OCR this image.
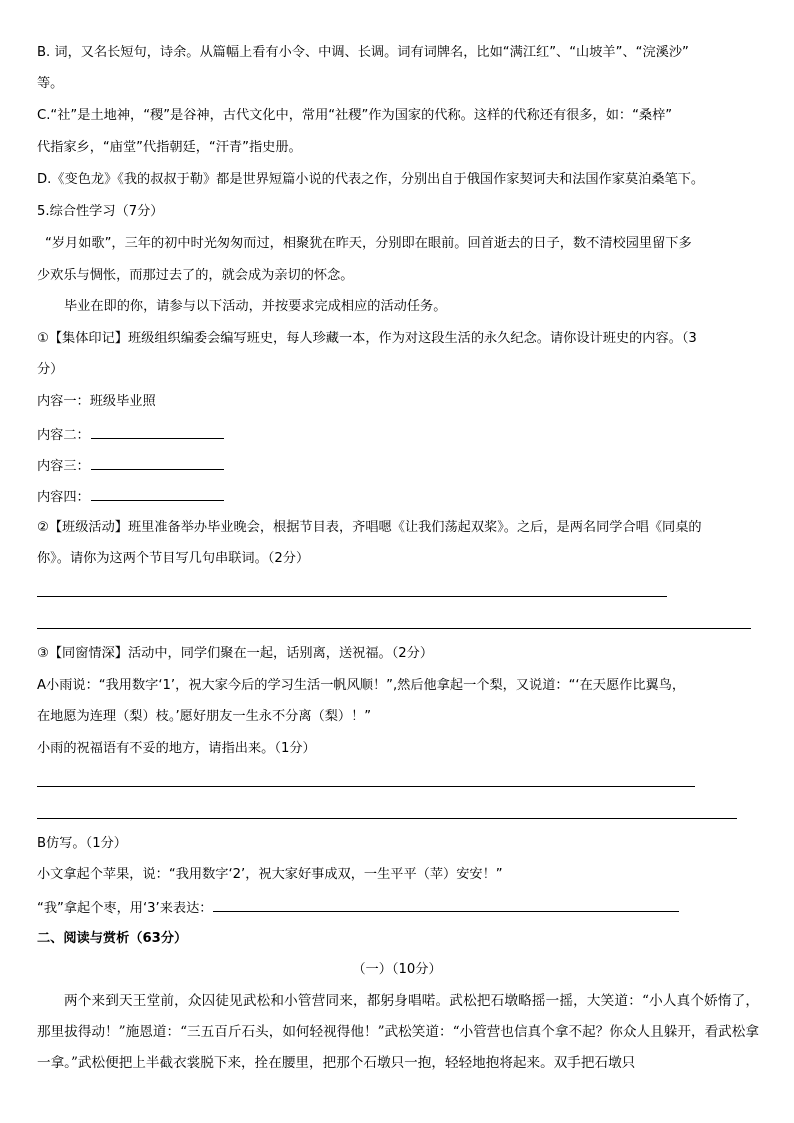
B. 词，又名长短句，诗余。从篇幅上看有小令、中调、长调。词有词牌名，比如“满江红”、“山坡羊”、“浣溪沙”
等。
C.“社”是土地神，“稷”是谷神，古代文化中，常用“社稷”作为国家的代称。这样的代称还有很多，如：“桑梓”
代指家乡，“庙堂”代指朝廷，“汗青”指史册。
D.《变色龙》《我的叔叔于勒》都是世界短篇小说的代表之作，分别出自于俄国作家契诃夫和法国作家莫泊桑笔下。
5.综合性学习（7分）
“岁月如歌”，三年的初中时光匆匆而过，相聚犹在昨天，分别即在眼前。回首逝去的日子，数不清校园里留下多
少欢乐与惆怅，而那过去了的，就会成为亲切的怀念。
毕业在即的你，请参与以下活动，并按要求完成相应的活动任务。
①【集体印记】班级组织编委会编写班史，每人珍藏一本，作为对这段生活的永久纪念。请你设计班史的内容。（3
分）
内容一：班级毕业照
内容二：
内容三：
内容四：
②【班级活动】班里准备举办毕业晚会，根据节目表，齐唱嗯《让我们荡起双桨》。之后，是两名同学合唱《同桌的
你》。请你为这两个节目写几句串联词。（2分）
③【同窗情深】活动中，同学们聚在一起，话别离，送祝福。（2分）
A小雨说：“我用数字‘1’，祝大家今后的学习生活一帆风顺！”,然后他拿起一个梨，又说道：“‘在天愿作比翼鸟，
在地愿为连理（梨）枝。’愿好朋友一生永不分离（梨）！”
小雨的祝福语有不妥的地方，请指出来。（1分）
B仿写。（1分）
小文拿起个苹果，说：“我用数字‘2’，祝大家好事成双，一生平平（苹）安安！”
“我”拿起个枣，用‘3’来表达：
二、阅读与赏析（63分）
（一）（10分）
两个来到天王堂前，众囚徒见武松和小管营同来，都躬身唱喏。武松把石墩略摇一摇，大笑道：“小人真个娇惰了，那里拔得动！”施恩道：“三五百斤石头，如何轻视得他！”武松笑道：“小管营也信真个拿不起？你众人且躲开，看武松拿一拿。”武松便把上半截衣裳脱下来，拴在腰里，把那个石墩只一抱，轻轻地抱将起来。双手把石墩只
